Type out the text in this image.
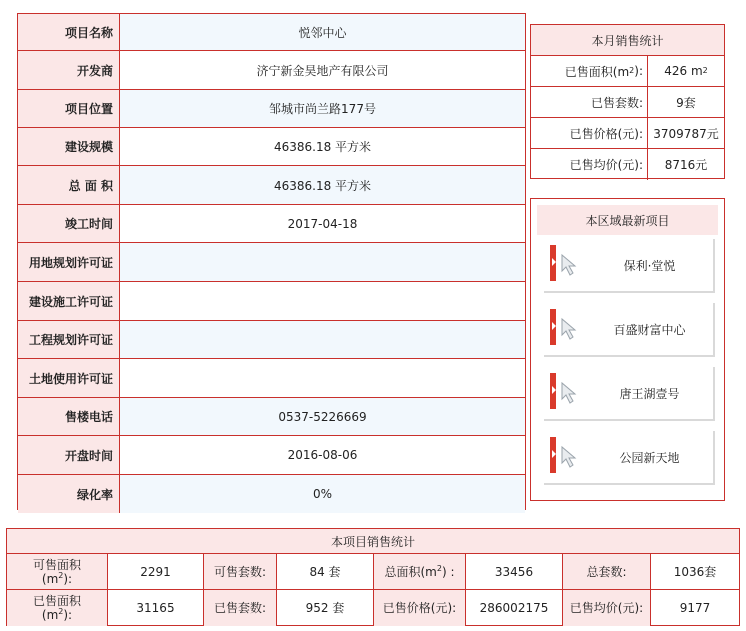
项目名称	悦邻中心
开发商	济宁新金昊地产有限公司
项目位置	邹城市尚兰路177号
建设规模	46386.18 平方米
总 面 积	46386.18 平方米
竣工时间	2017-04-18
用地规划许可证
建设施工许可证
工程规划许可证
土地使用许可证
售楼电话	0537-5226669
开盘时间	2016-08-06
绿化率	0%
本月销售统计
已售面积(m 2 ): 426 m 2
已售套数:	9套
已售价格(元): 3709787元
已售均价(元):	8716元
本区域最新项目
保利·堂悦
百盛财富中心
唐王湖壹号
公园新天地
本项目销售统计
可售面积
$(m^2)$:	2291	可售套数:	84 套	总面积$(m^2)$ :	33456	总套数:	1036套
已售面积
$(m^2)$:	31165	已售套数:	952 套	已售价格(元):	286002175	已售均价(元):	9177
